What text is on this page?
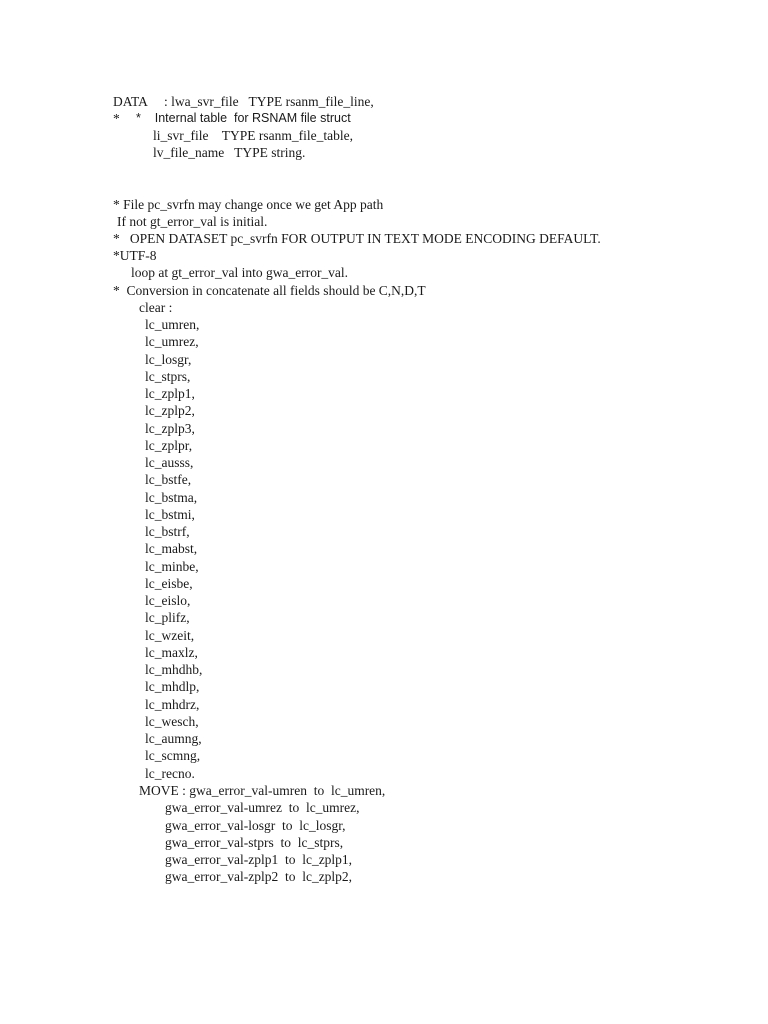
DATA     : lwa_svr_file   TYPE rsanm_file_line,
* *    Internal table  for RSNAM file struct
li_svr_file    TYPE rsanm_file_table,
lv_file_name   TYPE string.
* File pc_svrfn may change once we get App path
If not gt_error_val is initial.
*   OPEN DATASET pc_svrfn FOR OUTPUT IN TEXT MODE ENCODING DEFAULT.
*UTF-8
loop at gt_error_val into gwa_error_val.
*  Conversion in concatenate all fields should be C,N,D,T
clear :
lc_umren,
lc_umrez,
lc_losgr,
lc_stprs,
lc_zplp1,
lc_zplp2,
lc_zplp3,
lc_zplpr,
lc_ausss,
lc_bstfe,
lc_bstma,
lc_bstmi,
lc_bstrf,
lc_mabst,
lc_minbe,
lc_eisbe,
lc_eislo,
lc_plifz,
lc_wzeit,
lc_maxlz,
lc_mhdhb,
lc_mhdlp,
lc_mhdrz,
lc_wesch,
lc_aumng,
lc_scmng,
lc_recno.
MOVE : gwa_error_val-umren  to  lc_umren,
gwa_error_val-umrez  to  lc_umrez,
gwa_error_val-losgr  to  lc_losgr,
gwa_error_val-stprs  to  lc_stprs,
gwa_error_val-zplp1  to  lc_zplp1,
gwa_error_val-zplp2  to  lc_zplp2,
